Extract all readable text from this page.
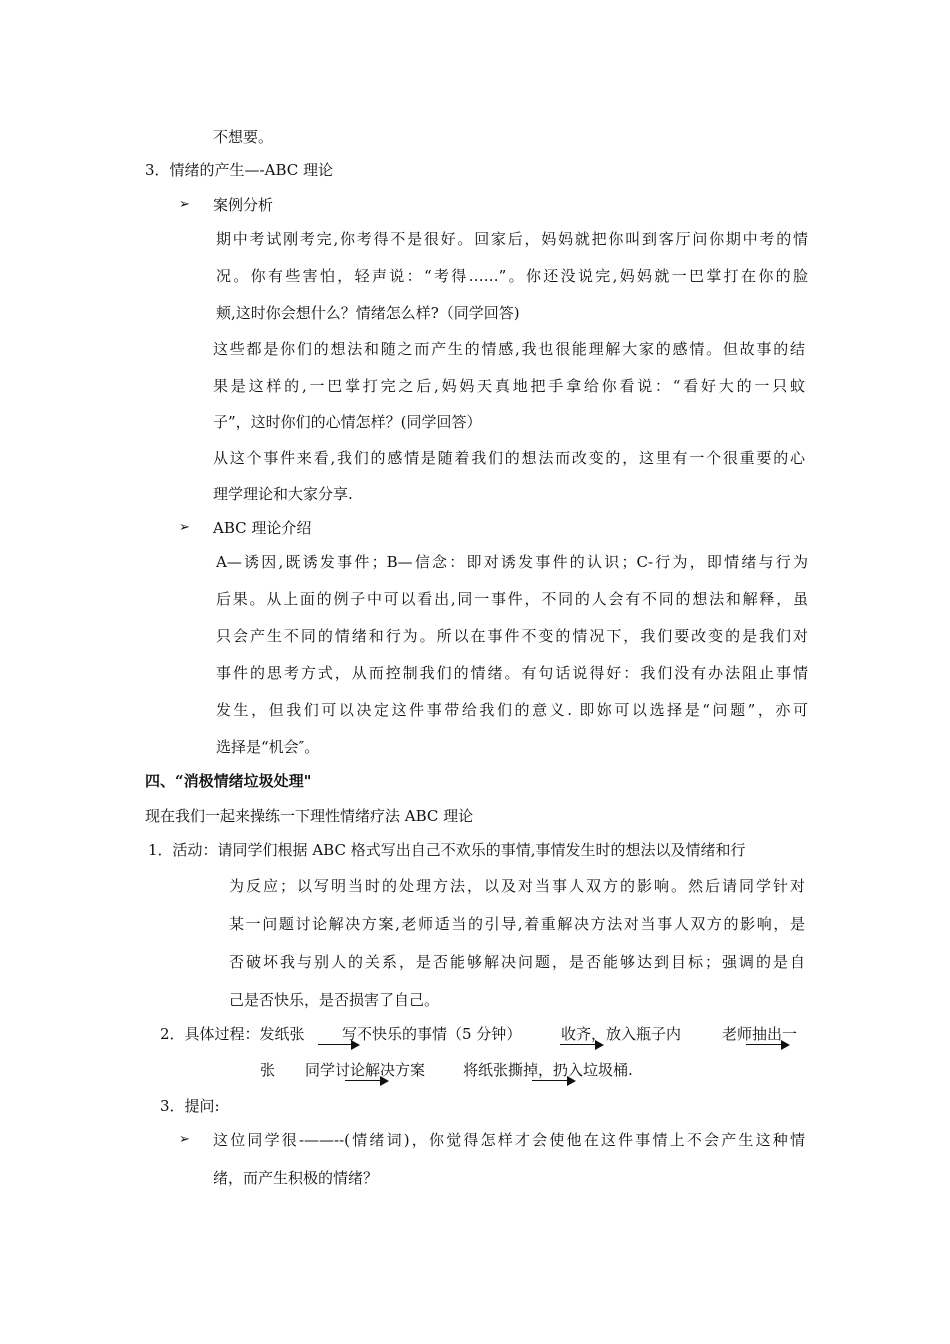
不想要。
3．情绪的产生—-ABC 理论
➢ 案例分析
期中考试刚考完,你考得不是很好。回家后，妈妈就把你叫到客厅问你期中考的情
况。你有些害怕，轻声说：“考得……”。你还没说完,妈妈就一巴掌打在你的脸
颊,这时你会想什么？情绪怎么样?（同学回答)
这些都是你们的想法和随之而产生的情感,我也很能理解大家的感情。但故事的结
果是这样的,一巴掌打完之后,妈妈天真地把手拿给你看说：“看好大的一只蚊
子”，这时你们的心情怎样？(同学回答）
从这个事件来看,我们的感情是随着我们的想法而改变的，这里有一个很重要的心
理学理论和大家分享.
➢ ABC 理论介绍
A—诱因,既诱发事件；B—信念：即对诱发事件的认识；C-行为，即情绪与行为
后果。从上面的例子中可以看出,同一事件，不同的人会有不同的想法和解释，虽
只会产生不同的情绪和行为。所以在事件不变的情况下，我们要改变的是我们对
事件的思考方式，从而控制我们的情绪。有句话说得好：我们没有办法阻止事情
发生，但我们可以决定这件事带给我们的意义. 即妳可以选择是“问题”，亦可
选择是“机会″。
四、“消极情绪垃圾处理"
现在我们一起来操练一下理性情绪疗法 ABC 理论
1．活动：请同学们根据 ABC 格式写出自己不欢乐的事情,事情发生时的想法以及情绪和行
为反应；以写明当时的处理方法，以及对当事人双方的影响。然后请同学针对
某一问题讨论解决方案,老师适当的引导,着重解决方法对当事人双方的影响，是
否破坏我与别人的关系，是否能够解决问题，是否能够达到目标；强调的是自
己是否快乐，是否损害了自己。
2．具体过程：发纸张 写不快乐的事情（5 分钟）	收齐，放入瓶子内	老师抽出一
张 同学讨论解决方案	将纸张撕掉，扔入垃圾桶.
3．提问:
➢ 这位同学很-——--(情绪词)，你觉得怎样才会使他在这件事情上不会产生这种情
绪，而产生积极的情绪？
